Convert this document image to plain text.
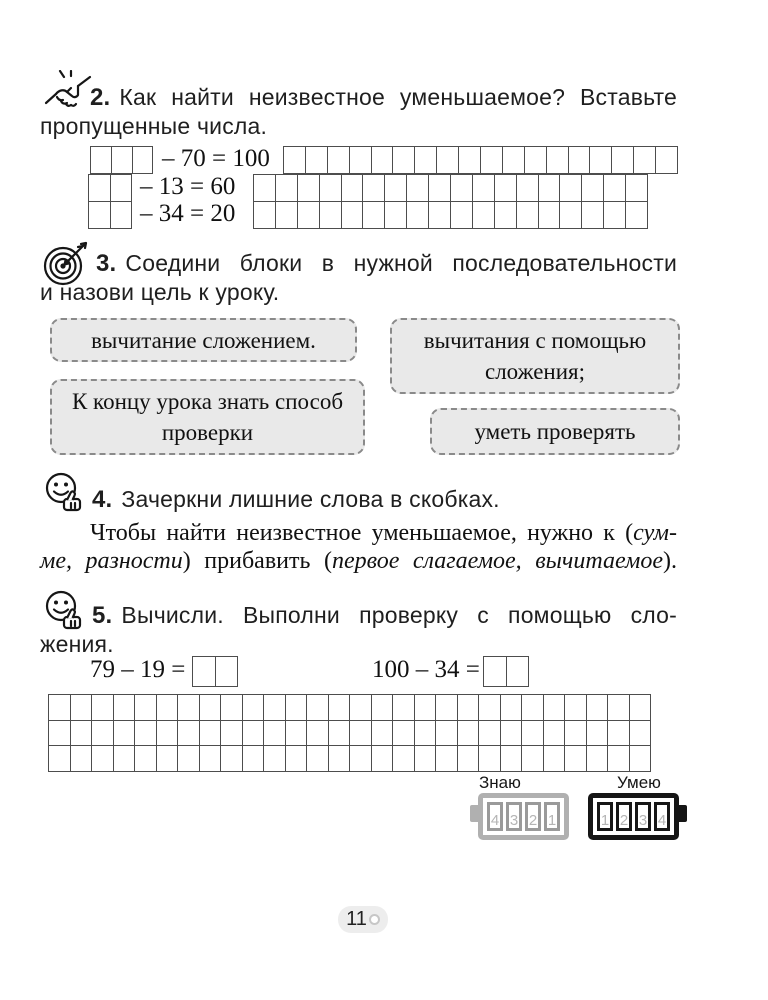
2. Как найти неизвестное уменьшаемое? Вставьте
пропущенные числа.
– 70 = 100
– 13 = 60
– 34 = 20
3. Соедини блоки в нужной последовательности
и назови цель к уроку.
вычитание сложением.	вычитания с помощью сложения;
К концу урока знать способ проверки	уметь проверять
4. Зачеркни лишние слова в скобках.
Чтобы найти неизвестное уменьшаемое, нужно к (сум-
ме, разности) прибавить (первое слагаемое, вычитаемое).
5. Вычисли. Выполни проверку с помощью сло-
жения.
79 – 19 =	100 – 34 =
Знаю
4 3 2 1
Умею
1 2 3 4
11
